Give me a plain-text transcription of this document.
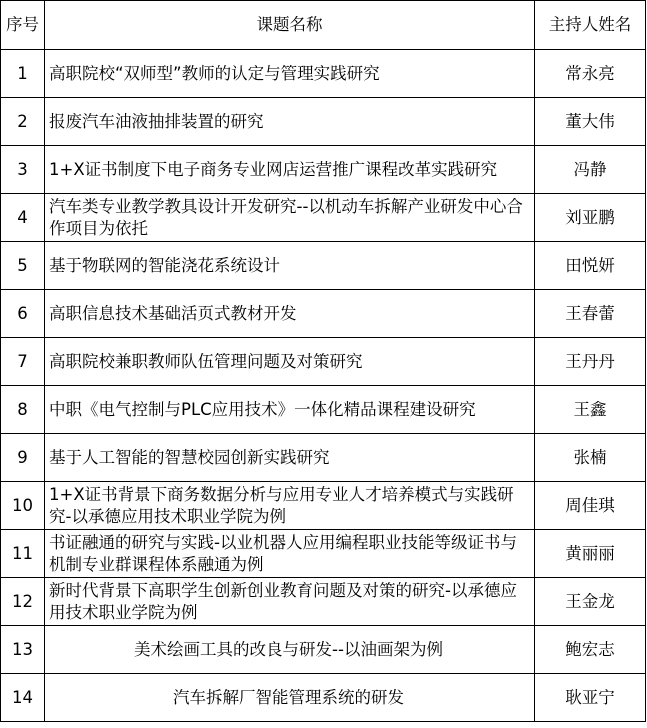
序号	课题名称	主持人姓名
1	高职院校“双师型”教师的认定与管理实践研究	常永亮
2	报废汽车油液抽排装置的研究	董大伟
3	1+X证书制度下电子商务专业网店运营推广课程改革实践研究	冯静
4	汽车类专业教学教具设计开发研究--以机动车拆解产业研发中心合作项目为依托	刘亚鹏
5	基于物联网的智能浇花系统设计	田悦妍
6	高职信息技术基础活页式教材开发	王春蕾
7	高职院校兼职教师队伍管理问题及对策研究	王丹丹
8	中职《电气控制与PLC应用技术》一体化精品课程建设研究	王鑫
9	基于人工智能的智慧校园创新实践研究	张楠
10	1+X证书背景下商务数据分析与应用专业人才培养模式与实践研究-以承德应用技术职业学院为例	周佳琪
11	书证融通的研究与实践-以业机器人应用编程职业技能等级证书与机制专业群课程体系融通为例	黄丽丽
12	新时代背景下高职学生创新创业教育问题及对策的研究-以承德应用技术职业学院为例	王金龙
13	美术绘画工具的改良与研发--以油画架为例	鲍宏志
14	汽车拆解厂智能管理系统的研发	耿亚宁
